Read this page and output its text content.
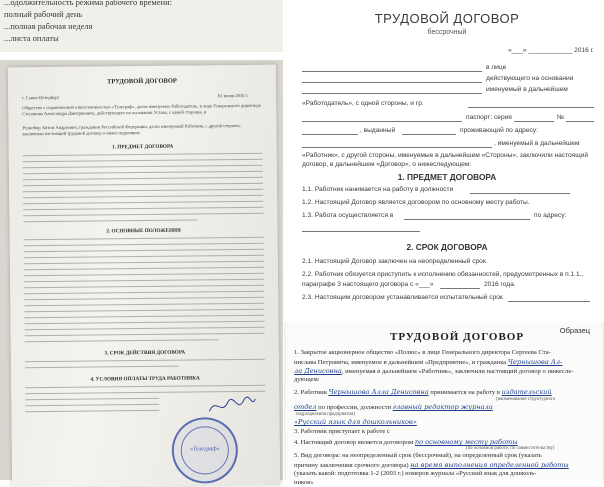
...одолжительность режима рабочего времени:
полный рабочий день
...полная рабочая неделя
...листа оплаты
ТРУДОВОЙ ДОГОВОР
г. Санкт-Петербург	01 июня 2016 г.
Общество с ограниченной ответственностью «Телеграф», далее именуемое Работодатель, в лице Генерального директора Степанова Александра Дмитриевича, действующего на основании Устава, с одной стороны, и
Резнобор Антон Андреевич, гражданин Российской Федерации, далее именуемый Работник, с другой стороны, заключили настоящий трудовой договор о нижеследующем:
1. ПРЕДМЕТ ДОГОВОРА
2. ОСНОВНЫЕ ПОЛОЖЕНИЯ
3. СРОК ДЕЙСТВИЯ ДОГОВОРА
4. УСЛОВИЯ ОПЛАТЫ ТРУДА РАБОТНИКА
«Телеграф»
ТРУДОВОЙ ДОГОВОР
бессрочный
«___» ____________ 2016 г.
в лице
действующего на основании
именуемый в дальнейшем
«Работодатель», с одной стороны, и гр.
паспорт: серия	№
, выданный	проживающий по адресу:
, именуемый в дальнейшем
«Работник», с другой стороны, именуемые в дальнейшем «Стороны», заключили настоящий
договор, в дальнейшем «Договор», о нижеследующем:
1. ПРЕДМЕТ ДОГОВОРА
1.1. Работник нанимается на работу в должности
1.2. Настоящий Договор является договором по основному месту работы.
1.3. Работа осуществляется в	по адресу:
2. СРОК ДОГОВОРА
2.1. Настоящий Договор заключен на неопределенный срок.
2.2. Работник обязуется приступить к исполнению обязанностей, предусмотренных в п.1.1.,
параграфе 3 настоящего договора с «___»	2016 года.
2.3. Настоящим договором устанавливается испытательный срок
Образец
ТРУДОВОЙ ДОГОВОР
1. Закрытое акционерное общество «Полюс» в лице Генерального директора Сергеева Ста-
нислава Петровича, именуемое в дальнейшем «Предприятие», и гражданка Чернышова Ал-
ла Денисовна, именуемая в дальнейшем «Работник», заключили настоящий договор о нижесле-
дующем:
2. Работник Чернышова Алла Денисовна принимается на работу в издательский
(наименование структурного
отдел по профессии, должности главный редактор журнала
подразделения предприятия)
«Русский язык для дошкольников»
3. Работник приступает к работе с
4. Настоящий договор является договором по основному месту работы
(по основной работе, по совместительству)
5. Вид договора: на неопределенный срок (бессрочный), на определенный срок (указать
причину заключения срочного договора) на время выполнения определенной работы
(указать какой: подготовка 1-2 (2003 г.) номеров журнала «Русский язык для дошколь-
ников»
